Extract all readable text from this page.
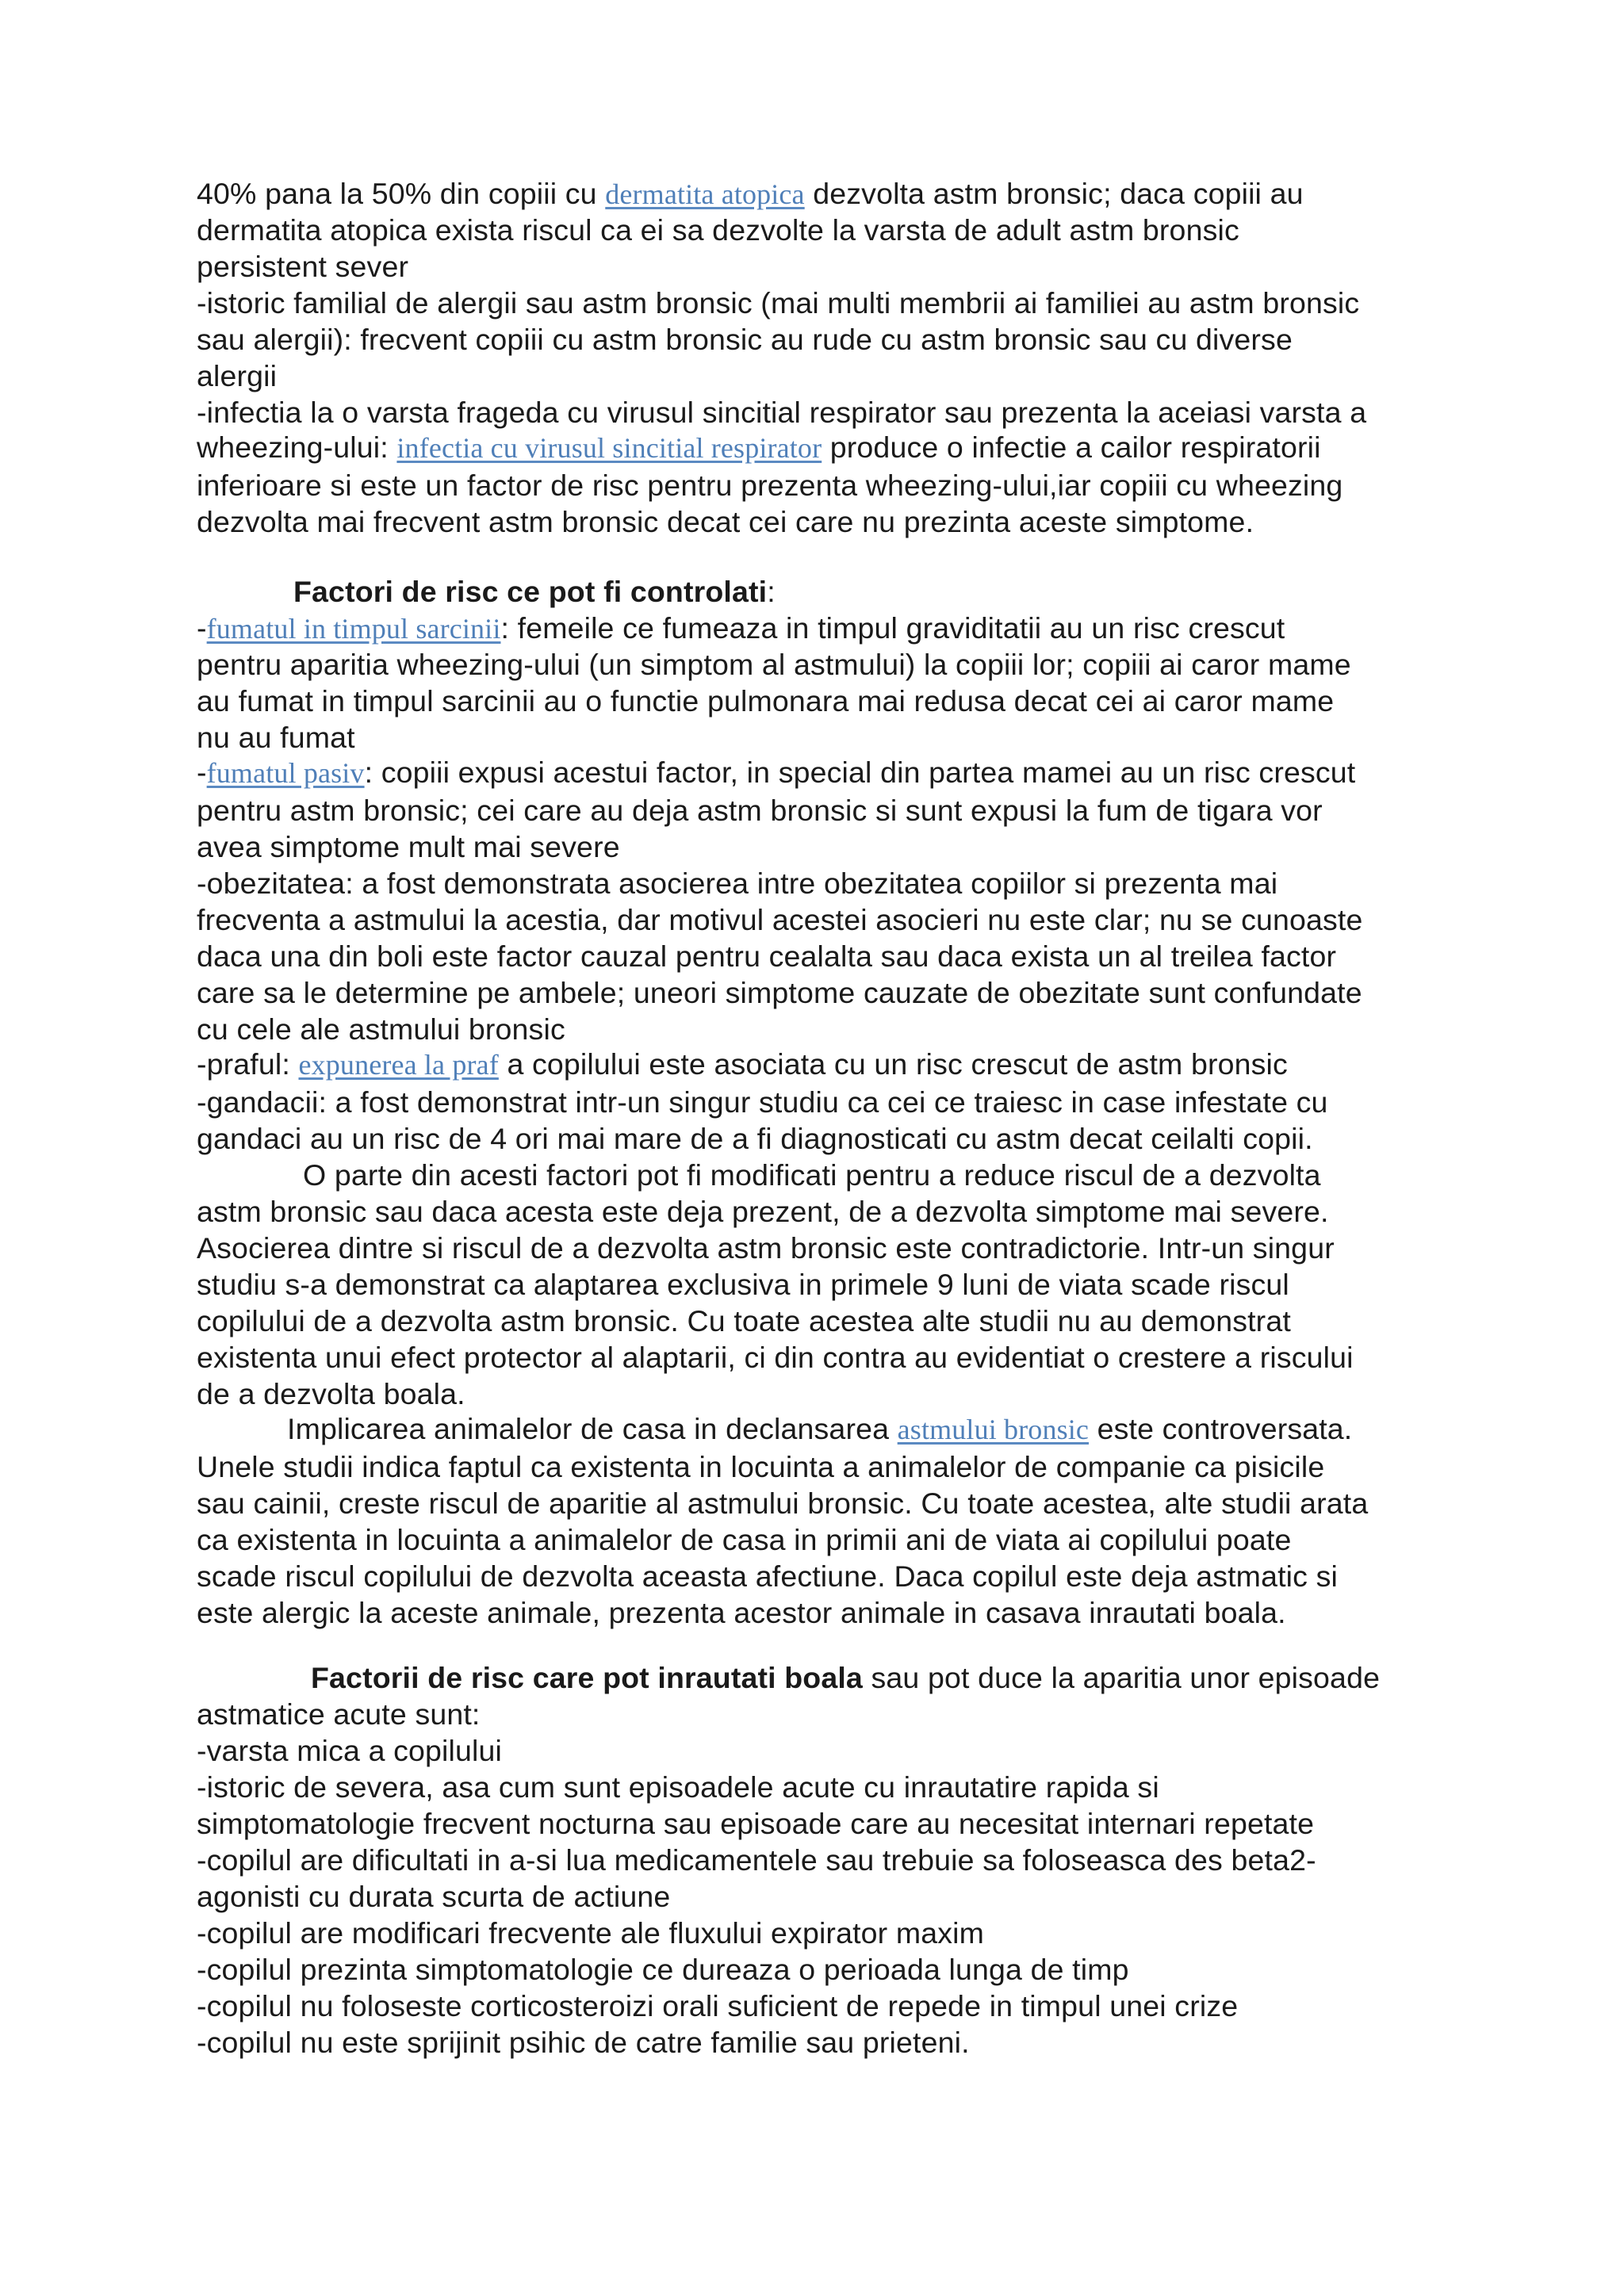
40% pana la 50% din copiii cu dermatita atopica dezvolta astm bronsic; daca copiii au
dermatita atopica exista riscul ca ei sa dezvolte la varsta de adult astm bronsic
persistent sever
-istoric familial de alergii sau astm bronsic (mai multi membrii ai familiei au astm bronsic
sau alergii): frecvent copiii cu astm bronsic au rude cu astm bronsic sau cu diverse
alergii
-infectia la o varsta frageda cu virusul sincitial respirator sau prezenta la aceiasi varsta a
wheezing-ului: infectia cu virusul sincitial respirator produce o infectie a cailor respiratorii
inferioare si este un factor de risc pentru prezenta wheezing-ului,iar copiii cu wheezing
dezvolta mai frecvent astm bronsic decat cei care nu prezinta aceste simptome.
Factori de risc ce pot fi controlati:
-fumatul in timpul sarcinii: femeile ce fumeaza in timpul graviditatii au un risc crescut
pentru aparitia wheezing-ului (un simptom al astmului) la copiii lor; copiii ai caror mame
au fumat in timpul sarcinii au o functie pulmonara mai redusa decat cei ai caror mame
nu au fumat
-fumatul pasiv: copiii expusi acestui factor, in special din partea mamei au un risc crescut
pentru astm bronsic; cei care au deja astm bronsic si sunt expusi la fum de tigara vor
avea simptome mult mai severe
-obezitatea: a fost demonstrata asocierea intre obezitatea copiilor si prezenta mai
frecventa a astmului la acestia, dar motivul acestei asocieri nu este clar; nu se cunoaste
daca una din boli este factor cauzal pentru cealalta sau daca exista un al treilea factor
care sa le determine pe ambele; uneori simptome cauzate de obezitate sunt confundate
cu cele ale astmului bronsic
-praful: expunerea la praf a copilului este asociata cu un risc crescut de astm bronsic
-gandacii: a fost demonstrat intr-un singur studiu ca cei ce traiesc in case infestate cu
gandaci au un risc de 4 ori mai mare de a fi diagnosticati cu astm decat ceilalti copii.
O parte din acesti factori pot fi modificati pentru a reduce riscul de a dezvolta
astm bronsic sau daca acesta este deja prezent, de a dezvolta simptome mai severe.
Asocierea dintre si riscul de a dezvolta astm bronsic este contradictorie. Intr-un singur
studiu s-a demonstrat ca alaptarea exclusiva in primele 9 luni de viata scade riscul
copilului de a dezvolta astm bronsic. Cu toate acestea alte studii nu au demonstrat
existenta unui efect protector al alaptarii, ci din contra au evidentiat o crestere a riscului
de a dezvolta boala.
Implicarea animalelor de casa in declansarea astmului bronsic este controversata.
Unele studii indica faptul ca existenta in locuinta a animalelor de companie ca pisicile
sau cainii, creste riscul de aparitie al astmului bronsic. Cu toate acestea, alte studii arata
ca existenta in locuinta a animalelor de casa in primii ani de viata ai copilului poate
scade riscul copilului de dezvolta aceasta afectiune. Daca copilul este deja astmatic si
este alergic la aceste animale, prezenta acestor animale in casava inrautati boala.
Factorii de risc care pot inrautati boala sau pot duce la aparitia unor episoade
astmatice acute sunt:
-varsta mica a copilului
-istoric de severa, asa cum sunt episoadele acute cu inrautatire rapida si
simptomatologie frecvent nocturna sau episoade care au necesitat internari repetate
-copilul are dificultati in a-si lua medicamentele sau trebuie sa foloseasca des beta2-
agonisti cu durata scurta de actiune
-copilul are modificari frecvente ale fluxului expirator maxim
-copilul prezinta simptomatologie ce dureaza o perioada lunga de timp
-copilul nu foloseste corticosteroizi orali suficient de repede in timpul unei crize
-copilul nu este sprijinit psihic de catre familie sau prieteni.
